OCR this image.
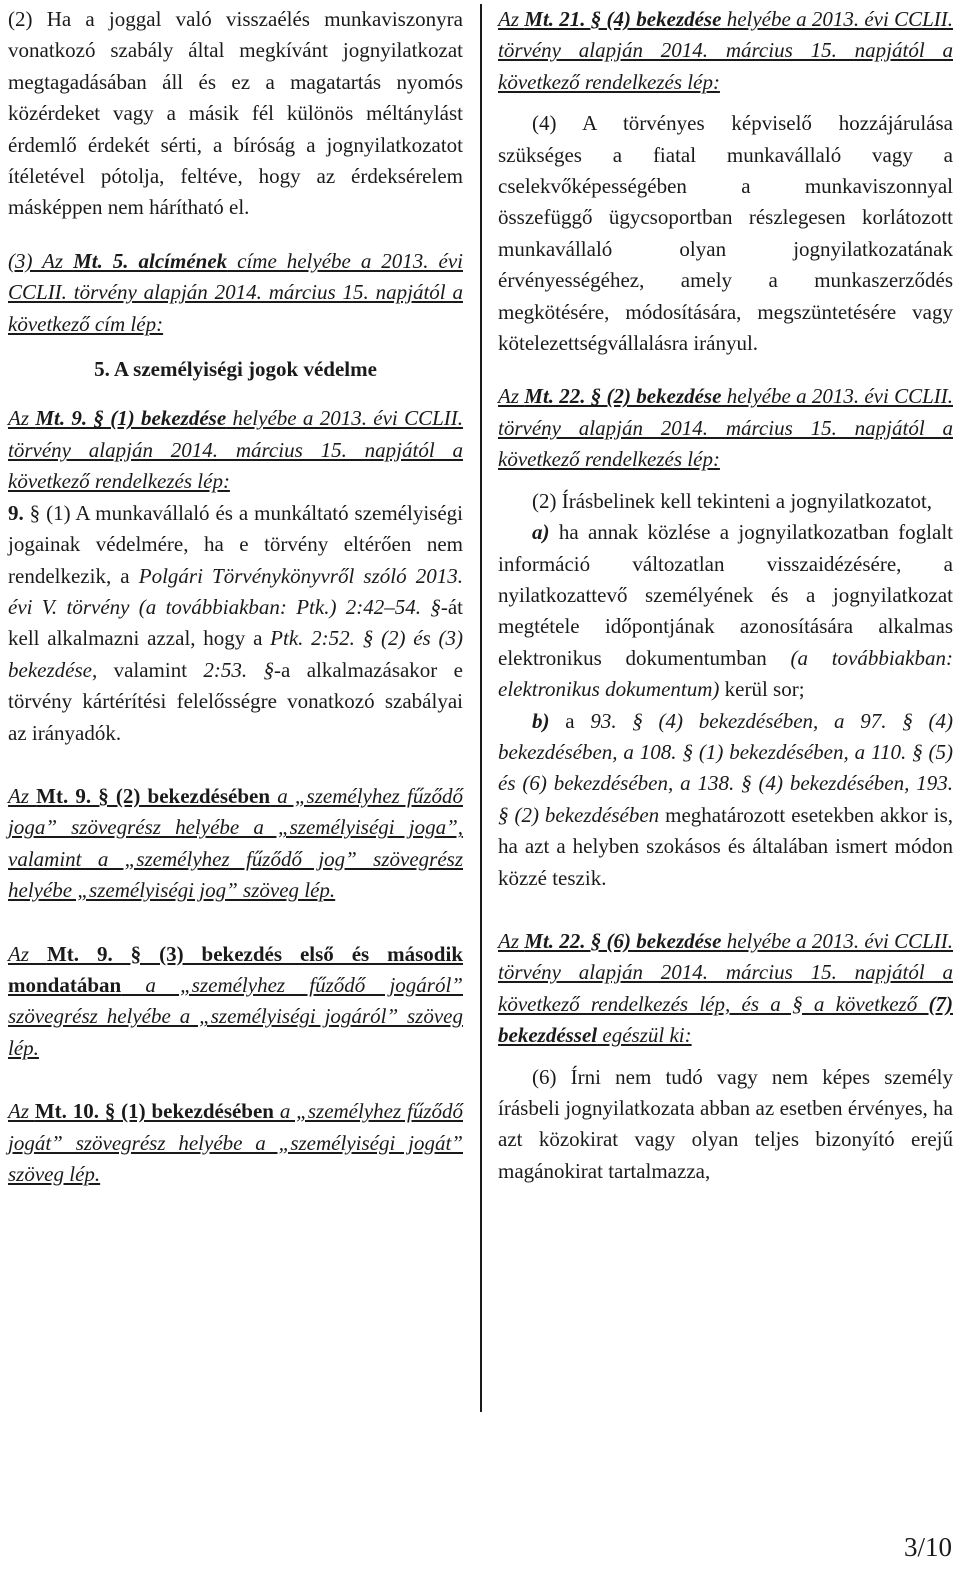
(2) Ha a joggal való visszaélés munkaviszonyra vonatkozó szabály által megkívánt jognyilatkozat megtagadásában áll és ez a magatartás nyomós közérdeket vagy a másik fél különös méltánylást érdemlő érdekét sérti, a bíróság a jognyilatkozatot ítéletével pótolja, feltéve, hogy az érdeksérelem másképpen nem hárítható el.

(3) Az Mt. 5. alcímének címe helyébe a 2013. évi CCLII. törvény alapján 2014. március 15. napjától a következő cím lép:

5. A személyiségi jogok védelme

Az Mt. 9. § (1) bekezdése helyébe a 2013. évi CCLII. törvény alapján 2014. március 15. napjától a következő rendelkezés lép:

9. § (1) A munkavállaló és a munkáltató személyiségi jogainak védelmére, ha e törvény eltérően nem rendelkezik, a Polgári Törvénykönyvről szóló 2013. évi V. törvény (a továbbiakban: Ptk.) 2:42–54. §-át kell alkalmazni azzal, hogy a Ptk. 2:52. § (2) és (3) bekezdése, valamint 2:53. §-a alkalmazásakor e törvény kártérítési felelősségre vonatkozó szabályai az irányadók.

Az Mt. 9. § (2) bekezdésében a „személyhez fűződő joga” szövegrész helyébe a „személyiségi joga”, valamint a „személyhez fűződő jog” szövegrész helyébe „személyiségi jog” szöveg lép.

Az Mt. 9. § (3) bekezdés első és második mondatában a „személyhez fűződő jogáról” szövegrész helyébe a „személyiségi jogáról” szöveg lép.

Az Mt. 10. § (1) bekezdésében a „személyhez fűződő jogát” szövegrész helyébe a „személyiségi jogát” szöveg lép.

Az Mt. 21. § (4) bekezdése helyébe a 2013. évi CCLII. törvény alapján 2014. március 15. napjától a következő rendelkezés lép:

(4) A törvényes képviselő hozzájárulása szükséges a fiatal munkavállaló vagy a cselekvőképességében a munkaviszonnyal összefüggő ügycsoportban részlegesen korlátozott munkavállaló olyan jognyilatkozatának érvényességéhez, amely a munkaszerződés megkötésére, módosítására, megszüntetésére vagy kötelezettségvállalásra irányul.

Az Mt. 22. § (2) bekezdése helyébe a 2013. évi CCLII. törvény alapján 2014. március 15. napjától a következő rendelkezés lép:

(2) Írásbelinek kell tekinteni a jognyilatkozatot,

a) ha annak közlése a jognyilatkozatban foglalt információ változatlan visszaidézésére, a nyilatkozattevő személyének és a jognyilatkozat megtétele időpontjának azonosítására alkalmas elektronikus dokumentumban (a továbbiakban: elektronikus dokumentum) kerül sor;

b) a 93. § (4) bekezdésében, a 97. § (4) bekezdésében, a 108. § (1) bekezdésében, a 110. § (5) és (6) bekezdésében, a 138. § (4) bekezdésében, 193. § (2) bekezdésében meghatározott esetekben akkor is, ha azt a helyben szokásos és általában ismert módon közzé teszik.

Az Mt. 22. § (6) bekezdése helyébe a 2013. évi CCLII. törvény alapján 2014. március 15. napjától a következő rendelkezés lép, és a § a következő (7) bekezdéssel egészül ki:

(6) Írni nem tudó vagy nem képes személy írásbeli jognyilatkozata abban az esetben érvényes, ha azt közokirat vagy olyan teljes bizonyító erejű magánokirat tartalmazza,

3/10
